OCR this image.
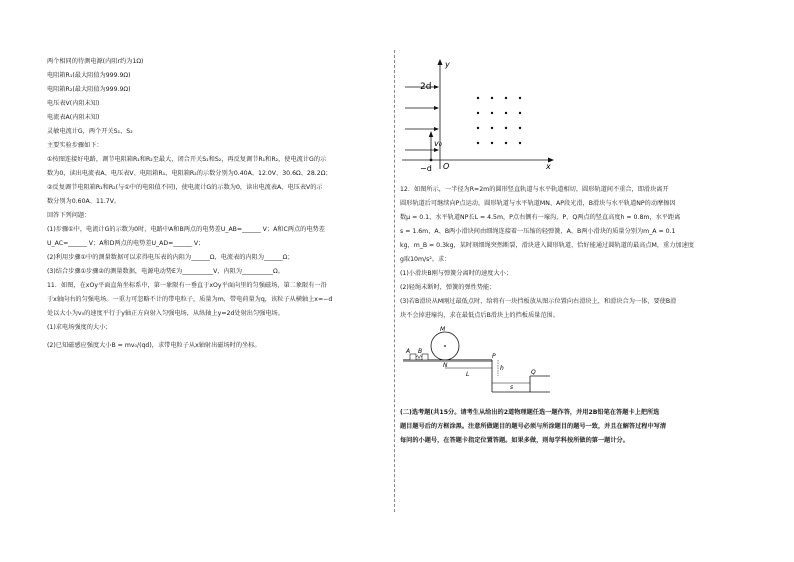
两个相同的待测电源(内阻r约为1Ω)
电阻箱R₁(最大阻值为999.9Ω)
电阻箱R₂(最大阻值为999.9Ω)
电压表V(内阻未知)
电流表A(内阻未知)
灵敏电流计G，两个开关S₁、S₂
主要实验步骤如下：
①按图连接好电路，调节电阻箱R₁和R₂至最大，闭合开关S₁和S₂，再反复调节R₁和R₂，使电流计G的示
数为0，读出电流表A、电压表V、电阻箱R₁、电阻箱R₂的示数分别为0.40A、12.0V、30.6Ω、28.2Ω；
②反复调节电阻箱R₁和R₂(与①中的电阻值不同)，使电流计G的示数为0，读出电流表A、电压表V的示
数分别为0.60A、11.7V。
回答下列问题：
(1)步骤①中，电流计G的示数为0时，电路中A和B两点的电势差U_AB=______ V；A和C两点的电势差
U_AC=______ V；A和D两点的电势差U_AD=______ V；
(2)利用步骤①中的测量数据可以求得电压表的内阻为______Ω，电流表的内阻为______Ω；
(3)结合步骤①步骤②的测量数据，电源电动势E为__________V，内阻为__________Ω。
11．如图，在xOy平面直角坐标系中，第一象限有一垂直于xOy平面向里的匀强磁场，第二象限有一沿
于x轴向右的匀强电场。一重力可忽略不计的带电粒子，质量为m，带电荷量为q，该粒子从横轴上x=−d
处以大小为v₀的速度平行于y轴正方向射入匀强电场，从纵轴上y=2d处射出匀强电场。
(1)求电场强度的大小；
(2)已知磁感应强度大小B = mv₀/(qd)，求带电粒子从x轴射出磁场时的坐标。
2d
y
x
v₀
O
−d
12．如图所示，一半径为R=2m的圆形竖直轨道与水平轨道相切，圆形轨道间不重合，即滑块离开
圆形轨道后可继续向P点运动，圆形轨道与水平轨道MN、AP段光滑，B滑块与水平轨道NP的动摩擦因
数μ = 0.1，水平轨道NP长L = 4.5m，P点右侧有一壕沟，P、Q两点的竖直高度h = 0.8m，水平距离
s = 1.6m，A、B两小滑块间由细绳连接着一压缩的轻弹簧，A、B两小滑块的质量分别为m_A = 0.1
kg，m_B = 0.3kg，某时刻细绳突然断裂，滑块进入圆形轨道，恰好能通过圆轨道的最高点M，重力加速度
g取10m/s²。求：
(1)小滑块B刚与弹簧分离时的速度大小；
(2)轻绳未断时，弹簧的弹性势能；
(3)若B滑块从M刚过最低点时，给将有一块挡板放从图示位置向右滑块上，和滑块合为一体，要使B滑
块不会掉进壕沟，求在最低点后B滑块上的挡板质量范围。
M
A B
N
P
L
h
Q
s
(二)选考题(共15分。请考生从给出的2道物理题任选一题作答，并用2B铅笔在答题卡上把所选
题目题号后的方框涂黑。注意所做题目的题号必须与所涂题目的题号一致，并且在解答过程中写清
每问的小题号，在答题卡指定位置答题。如果多做，则每学科按所做的第一题计分。
